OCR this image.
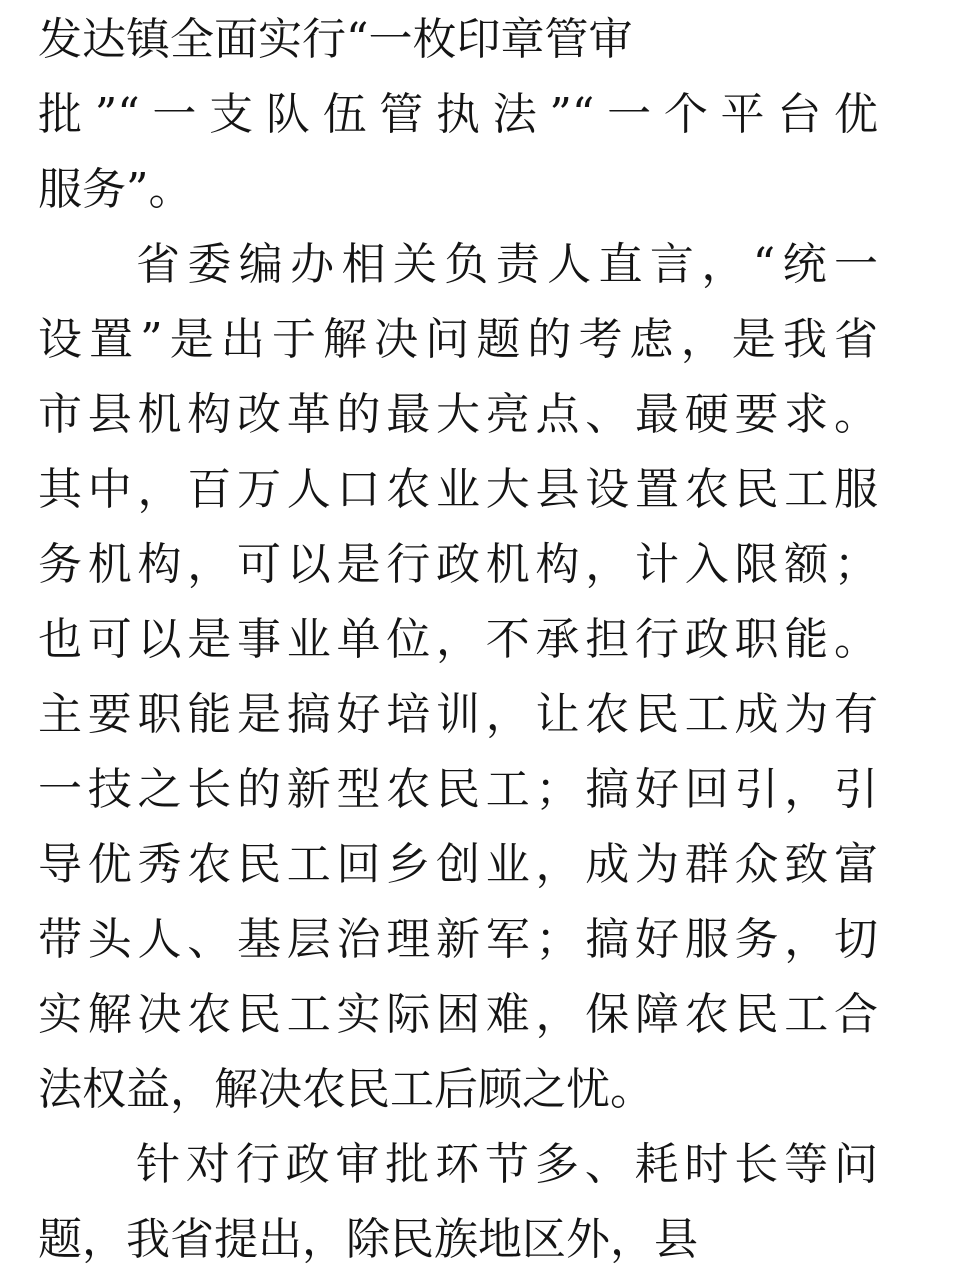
发达镇全面实行“一枚印章管审
批”“一支队伍管执法”“一个平台优
服务”。
省委编办相关负责人直言，“统一
设置”是出于解决问题的考虑，是我省
市县机构改革的最大亮点、最硬要求。
其中，百万人口农业大县设置农民工服
务机构，可以是行政机构，计入限额；
也可以是事业单位，不承担行政职能。
主要职能是搞好培训，让农民工成为有
一技之长的新型农民工；搞好回引，引
导优秀农民工回乡创业，成为群众致富
带头人、基层治理新军；搞好服务，切
实解决农民工实际困难，保障农民工合
法权益，解决农民工后顾之忧。
针对行政审批环节多、耗时长等问
题，我省提出，除民族地区外，县
